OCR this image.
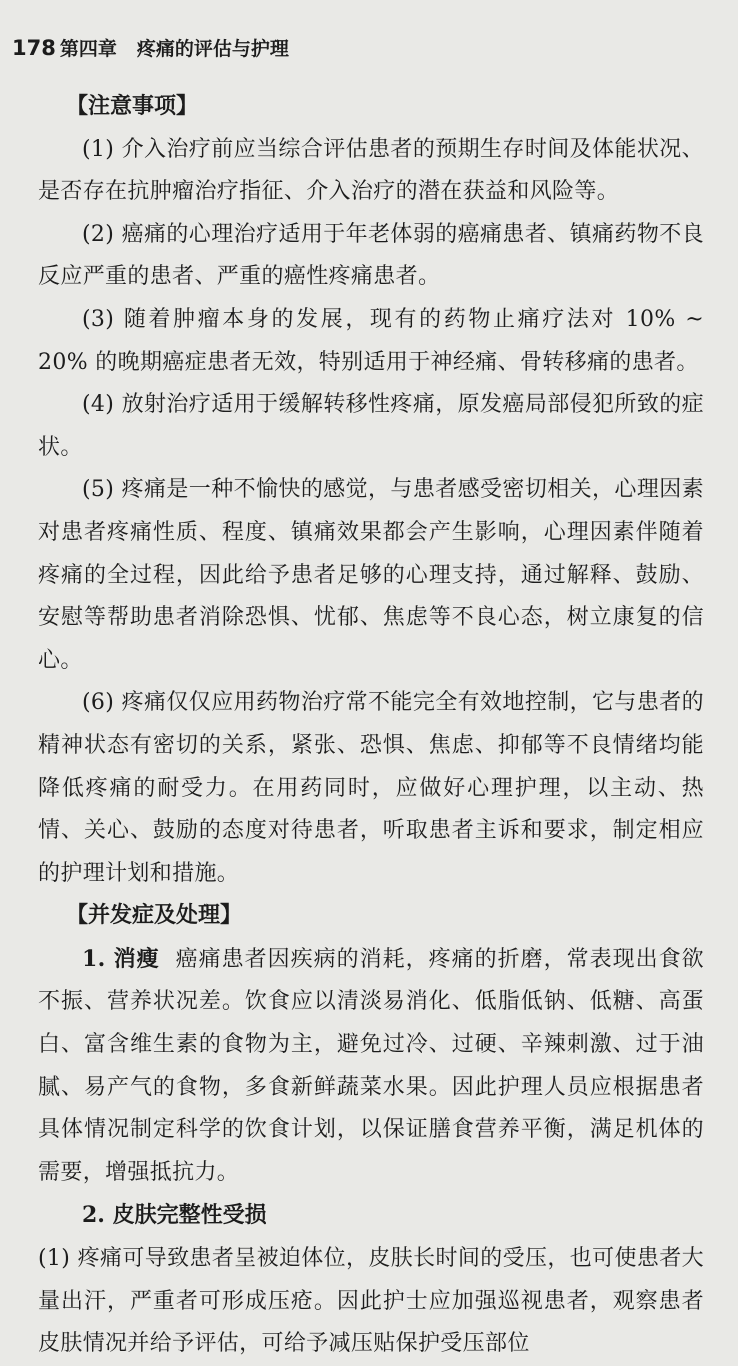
178 第四章 疼痛的评估与护理
【注意事项】

(1) 介入治疗前应当综合评估患者的预期生存时间及体能状况、是否存在抗肿瘤治疗指征、介入治疗的潜在获益和风险等。

(2) 癌痛的心理治疗适用于年老体弱的癌痛患者、镇痛药物不良反应严重的患者、严重的癌性疼痛患者。

(3) 随着肿瘤本身的发展，现有的药物止痛疗法对 10% ~ 20% 的晚期癌症患者无效，特别适用于神经痛、骨转移痛的患者。

(4) 放射治疗适用于缓解转移性疼痛，原发癌局部侵犯所致的症状。

(5) 疼痛是一种不愉快的感觉，与患者感受密切相关，心理因素对患者疼痛性质、程度、镇痛效果都会产生影响，心理因素伴随着疼痛的全过程，因此给予患者足够的心理支持，通过解释、鼓励、安慰等帮助患者消除恐惧、忧郁、焦虑等不良心态，树立康复的信心。

(6) 疼痛仅仅应用药物治疗常不能完全有效地控制，它与患者的精神状态有密切的关系，紧张、恐惧、焦虑、抑郁等不良情绪均能降低疼痛的耐受力。在用药同时，应做好心理护理，以主动、热情、关心、鼓励的态度对待患者，听取患者主诉和要求，制定相应的护理计划和措施。

【并发症及处理】

1. 消瘦 癌痛患者因疾病的消耗，疼痛的折磨，常表现出食欲不振、营养状况差。饮食应以清淡易消化、低脂低钠、低糖、高蛋白、富含维生素的食物为主，避免过冷、过硬、辛辣刺激、过于油腻、易产气的食物，多食新鲜蔬菜水果。因此护理人员应根据患者具体情况制定科学的饮食计划，以保证膳食营养平衡，满足机体的需要，增强抵抗力。

2. 皮肤完整性受损

(1) 疼痛可导致患者呈被迫体位，皮肤长时间的受压，也可使患者大量出汗，严重者可形成压疮。因此护士应加强巡视患者，观察患者皮肤情况并给予评估，可给予减压贴保护受压部位
